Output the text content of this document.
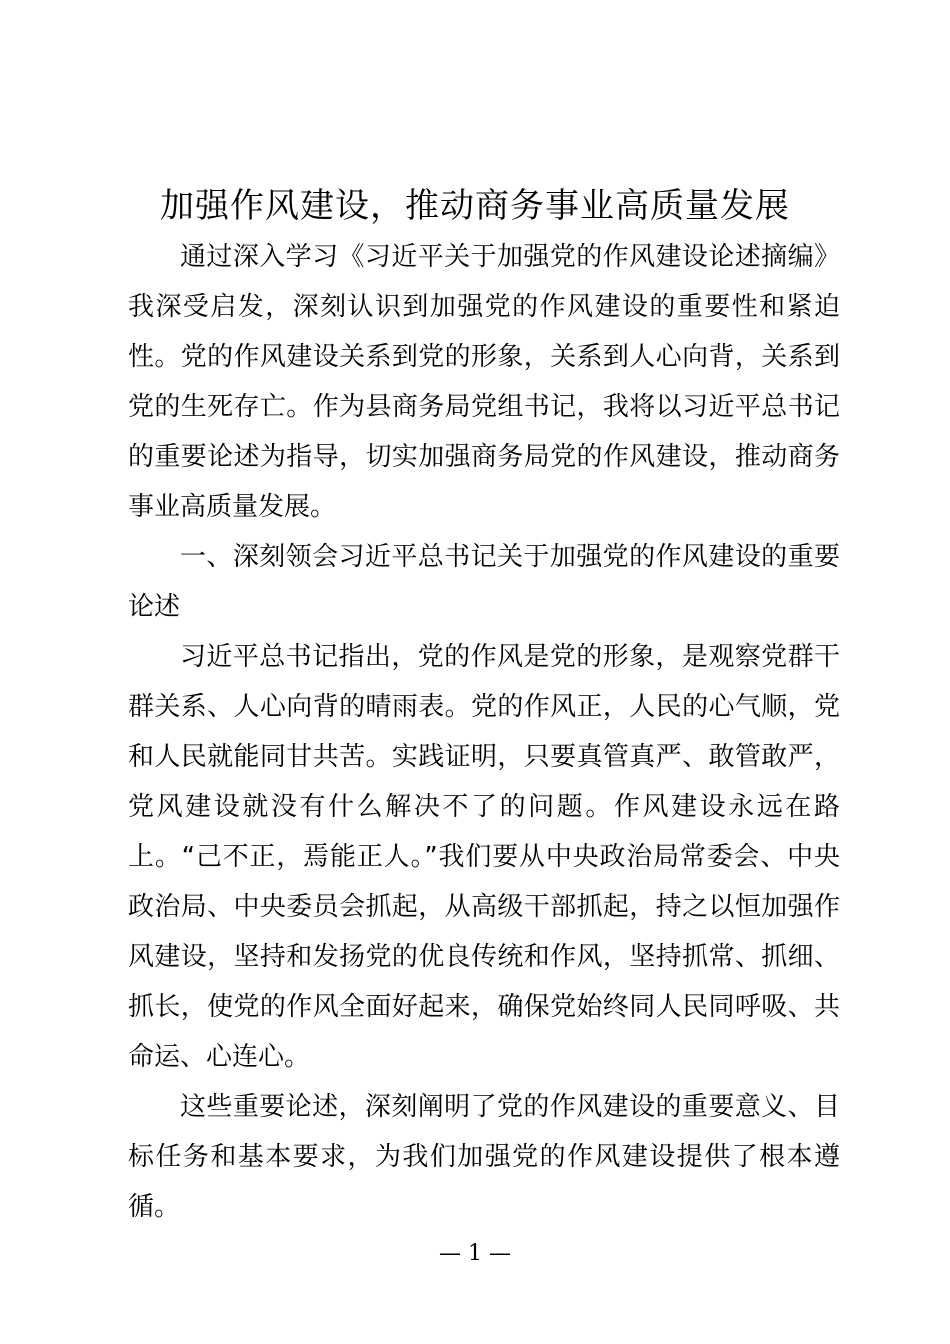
加强作风建设，推动商务事业高质量发展

通过深入学习《习近平关于加强党的作风建设论述摘编》我深受启发，深刻认识到加强党的作风建设的重要性和紧迫性。党的作风建设关系到党的形象，关系到人心向背，关系到党的生死存亡。作为县商务局党组书记，我将以习近平总书记的重要论述为指导，切实加强商务局党的作风建设，推动商务事业高质量发展。

一、深刻领会习近平总书记关于加强党的作风建设的重要论述

习近平总书记指出，党的作风是党的形象，是观察党群干群关系、人心向背的晴雨表。党的作风正，人民的心气顺，党和人民就能同甘共苦。实践证明，只要真管真严、敢管敢严，党风建设就没有什么解决不了的问题。作风建设永远在路上。“己不正，焉能正人。”我们要从中央政治局常委会、中央政治局、中央委员会抓起，从高级干部抓起，持之以恒加强作风建设，坚持和发扬党的优良传统和作风，坚持抓常、抓细、抓长，使党的作风全面好起来，确保党始终同人民同呼吸、共命运、心连心。

这些重要论述，深刻阐明了党的作风建设的重要意义、目标任务和基本要求，为我们加强党的作风建设提供了根本遵循。

— 1 —
